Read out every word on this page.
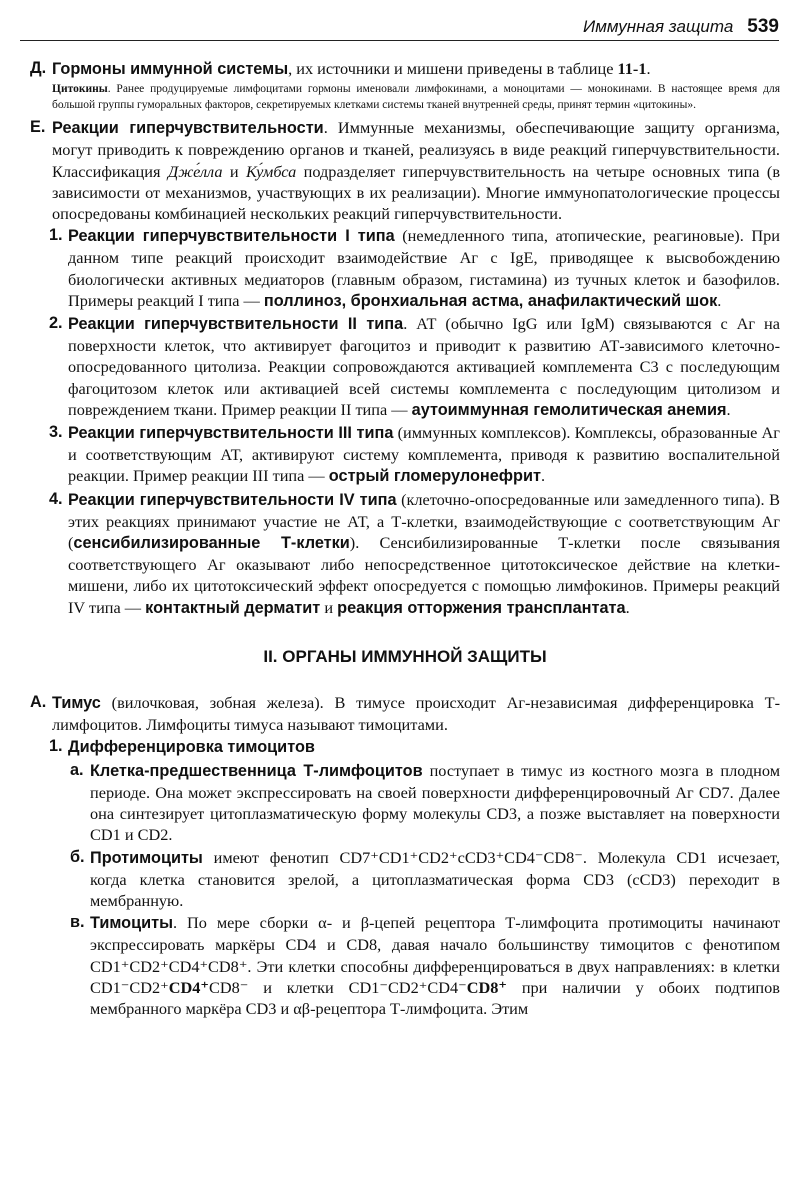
Иммунная защита 539
Д. Гормоны иммунной системы, их источники и мишени приведены в таблице 11-1.

Цитокины. Ранее продуцируемые лимфоцитами гормоны именовали лимфокинами, а моноцитами — монокинами. В настоящее время для большой группы гуморальных факторов, секретируемых клетками системы тканей внутренней среды, принят термин «цитокины».

Е. Реакции гиперчувствительности. Иммунные механизмы, обеспечивающие защиту организма, могут приводить к повреждению органов и тканей, реализуясь в виде реакций гиперчувствительности. Классификация Дже́лла и Ку́мбса подразделяет гиперчувствительность на четыре основных типа (в зависимости от механизмов, участвующих в их реализации). Многие иммунопатологические процессы опосредованы комбинацией нескольких реакций гиперчувствительности.

1. Реакции гиперчувствительности I типа (немедленного типа, атопические, реагиновые). При данном типе реакций происходит взаимодействие Аг с IgE, приводящее к высвобождению биологически активных медиаторов (главным образом, гистамина) из тучных клеток и базофилов. Примеры реакций I типа — поллиноз, бронхиальная астма, анафилактический шок.

2. Реакции гиперчувствительности II типа. АТ (обычно IgG или IgM) связываются с Аг на поверхности клеток, что активирует фагоцитоз и приводит к развитию АТ-зависимого клеточно-опосредованного цитолиза. Реакции сопровождаются активацией комплемента C3 с последующим фагоцитозом клеток или активацией всей системы комплемента с последующим цитолизом и повреждением ткани. Пример реакции II типа — аутоиммунная гемолитическая анемия.

3. Реакции гиперчувствительности III типа (иммунных комплексов). Комплексы, образованные Аг и соответствующим АТ, активируют систему комплемента, приводя к развитию воспалительной реакции. Пример реакции III типа — острый гломерулонефрит.

4. Реакции гиперчувствительности IV типа (клеточно-опосредованные или замедленного типа). В этих реакциях принимают участие не АТ, а Т-клетки, взаимодействующие с соответствующим Аг (сенсибилизированные Т-клетки). Сенсибилизированные Т-клетки после связывания соответствующего Аг оказывают либо непосредственное цитотоксическое действие на клетки-мишени, либо их цитотоксический эффект опосредуется с помощью лимфокинов. Примеры реакций IV типа — контактный дерматит и реакция отторжения трансплантата.

II. ОРГАНЫ ИММУННОЙ ЗАЩИТЫ
А. Тимус (вилочковая, зобная железа). В тимусе происходит Аг-независимая дифференцировка Т-лимфоцитов. Лимфоциты тимуса называют тимоцитами.

1. Дифференцировка тимоцитов

а. Клетка-предшественница Т-лимфоцитов поступает в тимус из костного мозга в плодном периоде. Она может экспрессировать на своей поверхности дифференцировочный Аг CD7. Далее она синтезирует цитоплазматическую форму молекулы CD3, а позже выставляет на поверхности CD1 и CD2.

б. Протимоциты имеют фенотип CD7⁺CD1⁺CD2⁺cCD3⁺CD4⁻CD8⁻. Молекула CD1 исчезает, когда клетка становится зрелой, а цитоплазматическая форма CD3 (cCD3) переходит в мембранную.

в. Тимоциты. По мере сборки α- и β-цепей рецептора Т-лимфоцита протимоциты начинают экспрессировать маркёры CD4 и CD8, давая начало большинству тимоцитов с фенотипом CD1⁺CD2⁺CD4⁺CD8⁺. Эти клетки способны дифференцироваться в двух направлениях: в клетки CD1⁻CD2⁺CD4⁺CD8⁻ и клетки CD1⁻CD2⁺CD4⁻CD8⁺ при наличии у обоих подтипов мембранного маркёра CD3 и αβ-рецептора Т-лимфоцита. Этим
